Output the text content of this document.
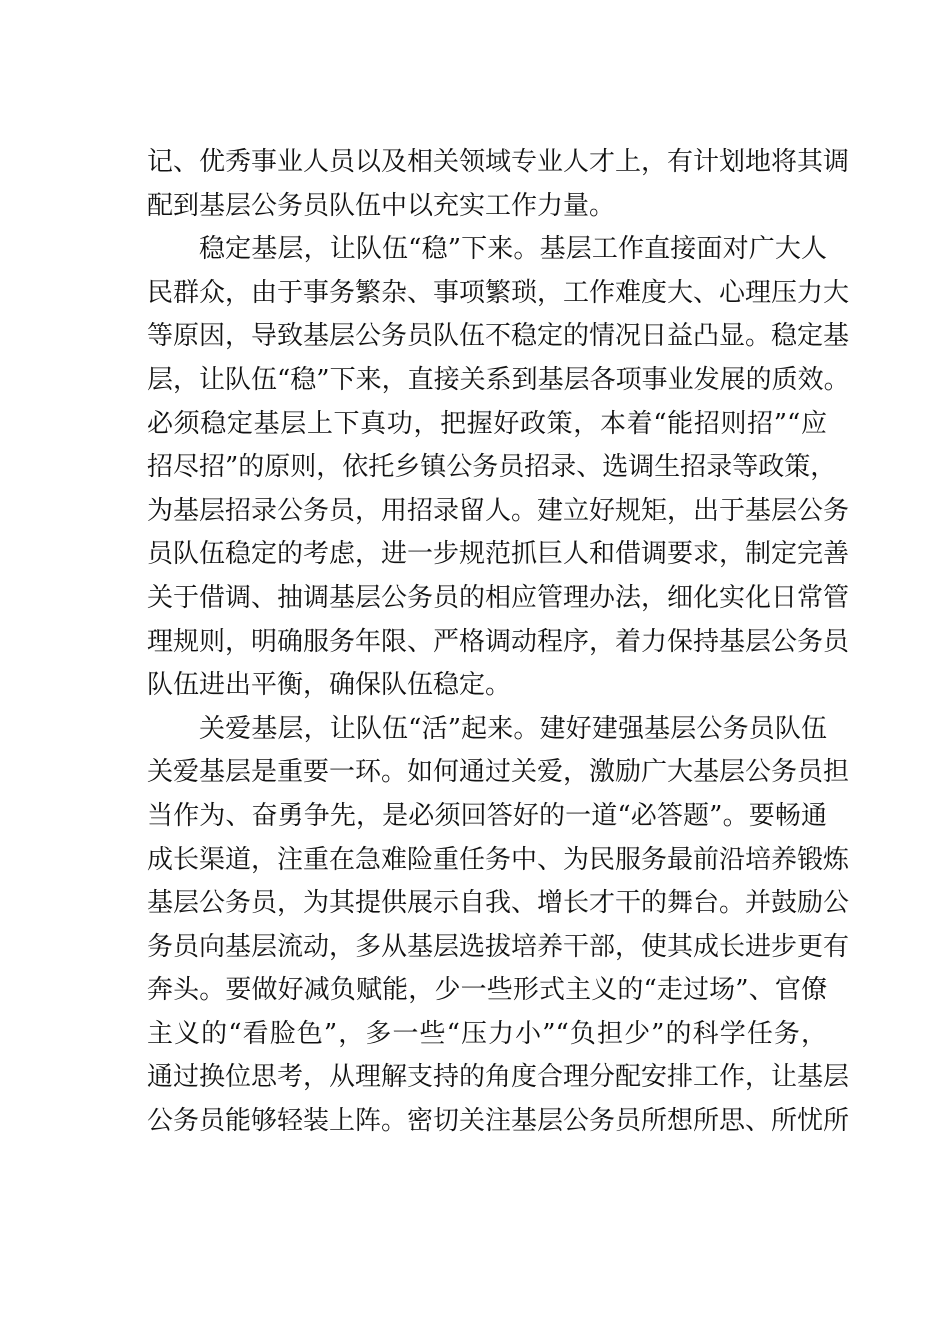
记、优秀事业人员以及相关领域专业人才上，有计划地将其调
配到基层公务员队伍中以充实工作力量。
稳定基层，让队伍“稳”下来。基层工作直接面对广大人
民群众，由于事务繁杂、事项繁琐，工作难度大、心理压力大
等原因，导致基层公务员队伍不稳定的情况日益凸显。稳定基
层，让队伍“稳”下来，直接关系到基层各项事业发展的质效。
必须稳定基层上下真功，把握好政策，本着“能招则招”“应
招尽招”的原则，依托乡镇公务员招录、选调生招录等政策，
为基层招录公务员，用招录留人。建立好规矩，出于基层公务
员队伍稳定的考虑，进一步规范抓巨人和借调要求，制定完善
关于借调、抽调基层公务员的相应管理办法，细化实化日常管
理规则，明确服务年限、严格调动程序，着力保持基层公务员
队伍进出平衡，确保队伍稳定。
关爱基层，让队伍“活”起来。建好建强基层公务员队伍
关爱基层是重要一环。如何通过关爱，激励广大基层公务员担
当作为、奋勇争先，是必须回答好的一道“必答题”。要畅通
成长渠道，注重在急难险重任务中、为民服务最前沿培养锻炼
基层公务员，为其提供展示自我、增长才干的舞台。并鼓励公
务员向基层流动，多从基层选拔培养干部，使其成长进步更有
奔头。要做好减负赋能，少一些形式主义的“走过场”、官僚
主义的“看脸色”，多一些“压力小”“负担少”的科学任务，
通过换位思考，从理解支持的角度合理分配安排工作，让基层
公务员能够轻装上阵。密切关注基层公务员所想所思、所忧所
